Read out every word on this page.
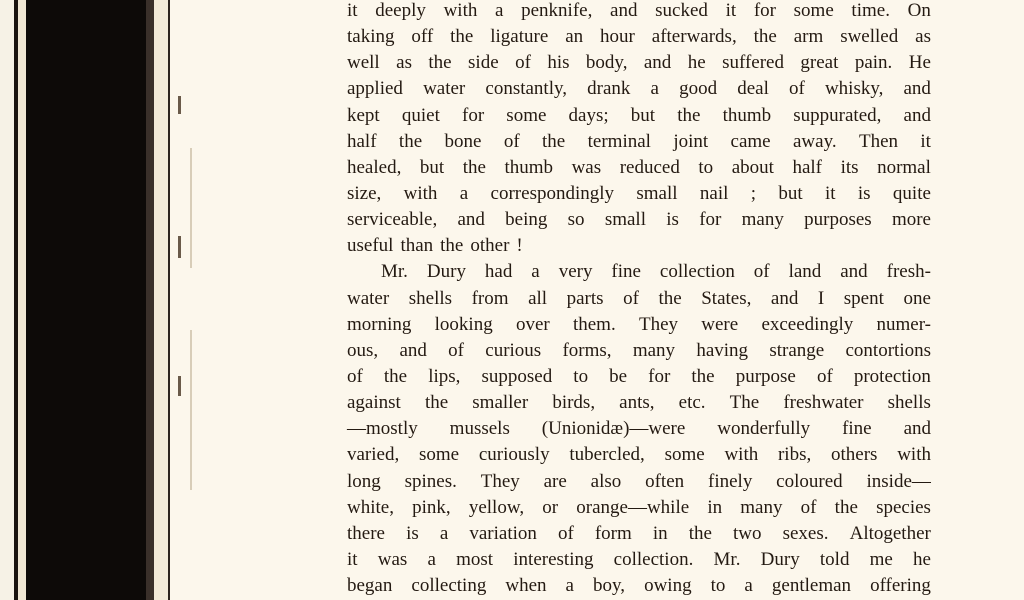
it deeply with a penknife, and sucked it for some time. On
taking off the ligature an hour afterwards, the arm swelled as
well as the side of his body, and he suffered great pain. He
applied water constantly, drank a good deal of whisky, and
kept quiet for some days; but the thumb suppurated, and
half the bone of the terminal joint came away. Then it
healed, but the thumb was reduced to about half its normal
size, with a correspondingly small nail ; but it is quite
serviceable, and being so small is for many purposes more
useful than the other !
Mr. Dury had a very fine collection of land and fresh-
water shells from all parts of the States, and I spent one
morning looking over them. They were exceedingly numer-
ous, and of curious forms, many having strange contortions
of the lips, supposed to be for the purpose of protection
against the smaller birds, ants, etc. The freshwater shells
—mostly mussels (Unionidæ)—were wonderfully fine and
varied, some curiously tubercled, some with ribs, others with
long spines. They are also often finely coloured inside—
white, pink, yellow, or orange—while in many of the species
there is a variation of form in the two sexes. Altogether
it was a most interesting collection. Mr. Dury told me he
began collecting when a boy, owing to a gentleman offering
